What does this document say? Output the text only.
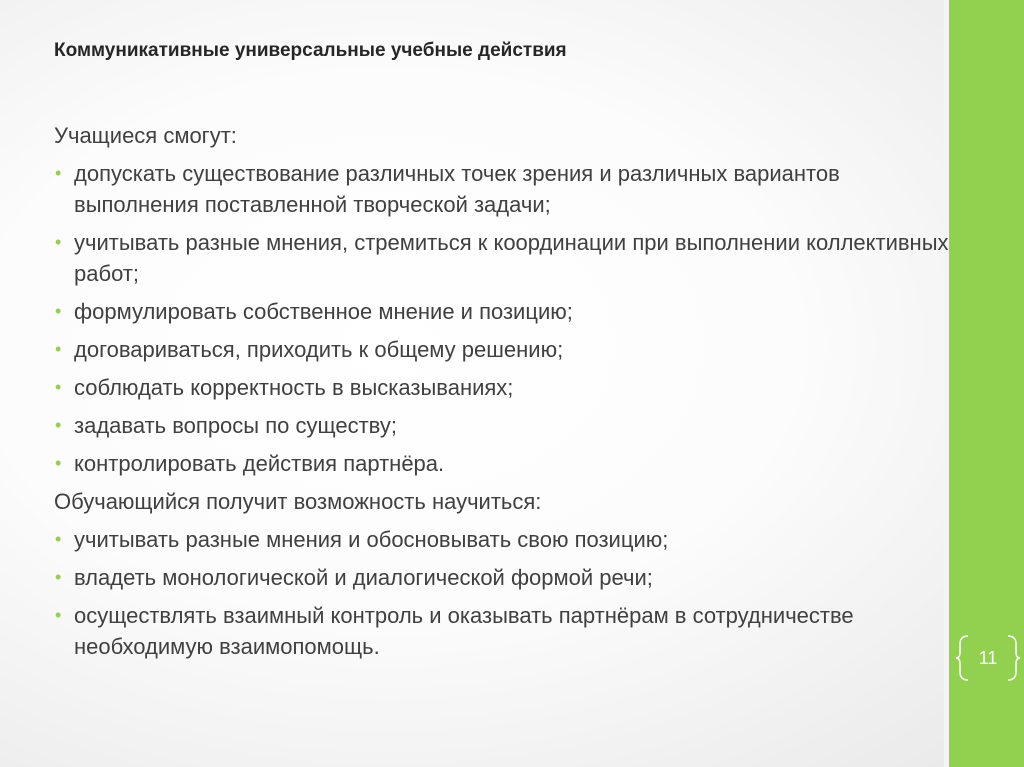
Коммуникативные универсальные учебные действия
Учащиеся смогут:
• допускать существование различных точек зрения и различных вариантов выполнения поставленной творческой задачи;
• учитывать разные мнения, стремиться к координации при выполнении коллективных работ;
• формулировать собственное мнение и позицию;
• договариваться, приходить к общему решению;
• соблюдать корректность в высказываниях;
• задавать вопросы по существу;
• контролировать действия партнёра.
Обучающийся получит возможность научиться:
• учитывать разные мнения и обосновывать свою позицию;
• владеть монологической и диалогической формой речи;
• осуществлять взаимный контроль и оказывать партнёрам в сотрудничестве необходимую взаимопомощь.	11
